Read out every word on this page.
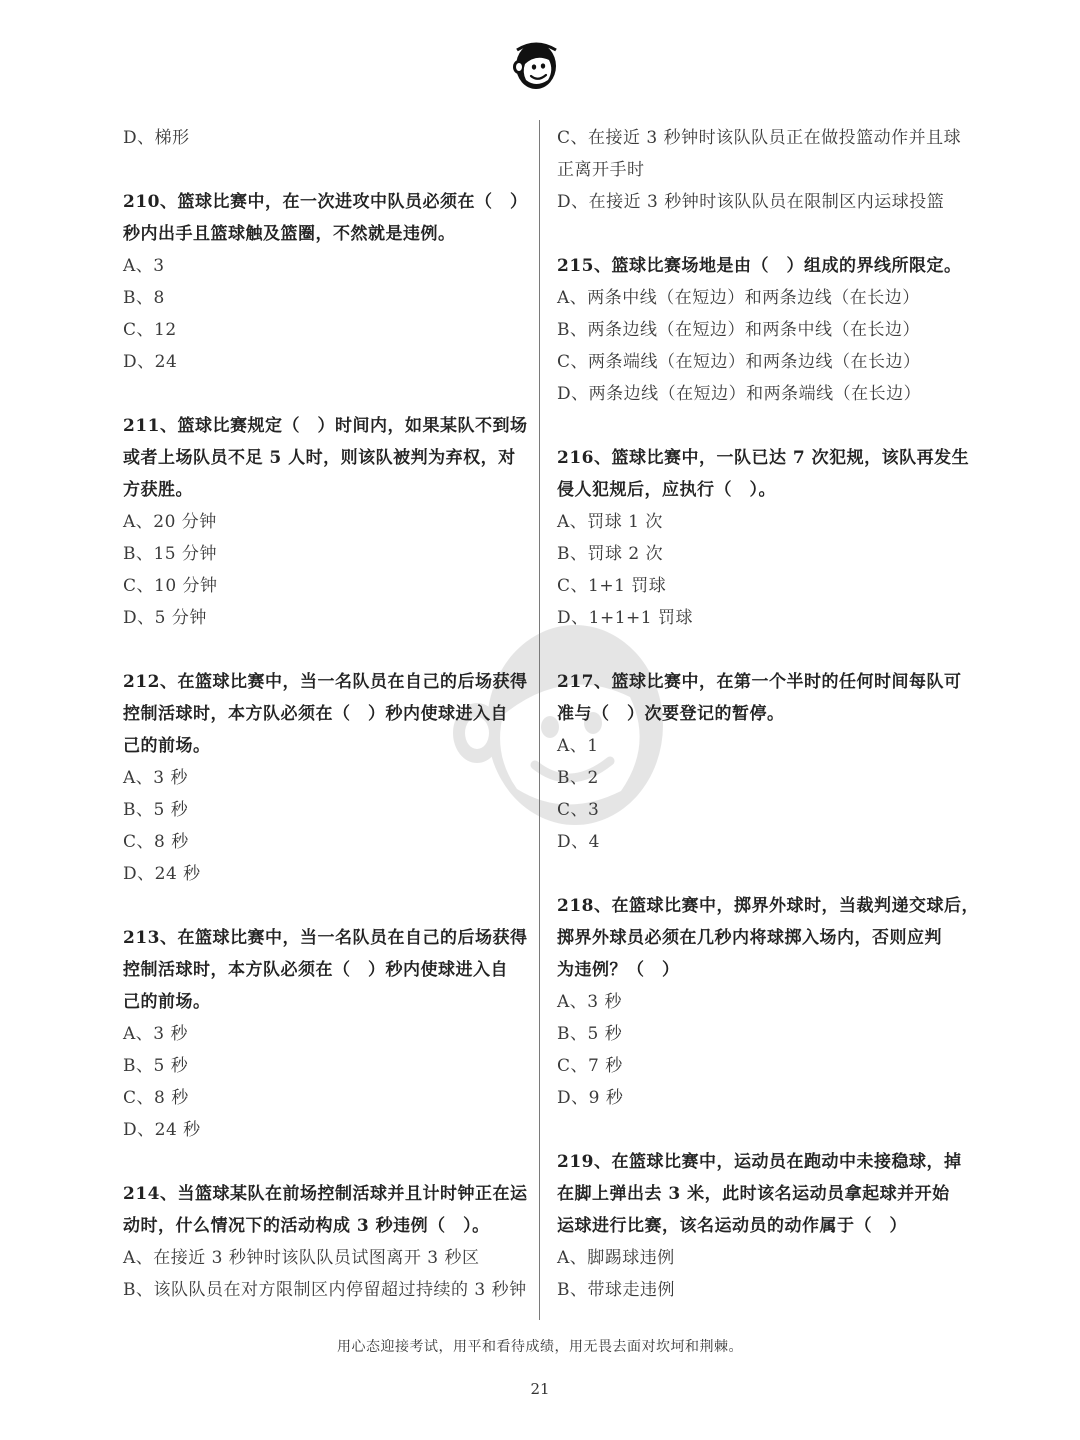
D、梯形
210、篮球比赛中，在一次进攻中队员必须在（　）
秒内出手且篮球触及篮圈，不然就是违例。
A、3
B、8
C、12
D、24
211、篮球比赛规定（　）时间内，如果某队不到场
或者上场队员不足 5 人时，则该队被判为弃权，对
方获胜。
A、20 分钟
B、15 分钟
C、10 分钟
D、5 分钟
212、在篮球比赛中，当一名队员在自己的后场获得
控制活球时，本方队必须在（　）秒内使球进入自
己的前场。
A、3 秒
B、5 秒
C、8 秒
D、24 秒
213、在篮球比赛中，当一名队员在自己的后场获得
控制活球时，本方队必须在（　）秒内使球进入自
己的前场。
A、3 秒
B、5 秒
C、8 秒
D、24 秒
214、当篮球某队在前场控制活球并且计时钟正在运
动时，什么情况下的活动构成 3 秒违例（　）。
A、在接近 3 秒钟时该队队员试图离开 3 秒区
B、该队队员在对方限制区内停留超过持续的 3 秒钟
C、在接近 3 秒钟时该队队员正在做投篮动作并且球
正离开手时
D、在接近 3 秒钟时该队队员在限制区内运球投篮
215、篮球比赛场地是由（　）组成的界线所限定。
A、两条中线（在短边）和两条边线（在长边）
B、两条边线（在短边）和两条中线（在长边）
C、两条端线（在短边）和两条边线（在长边）
D、两条边线（在短边）和两条端线（在长边）
216、篮球比赛中，一队已达 7 次犯规，该队再发生
侵人犯规后，应执行（　）。
A、罚球 1 次
B、罚球 2 次
C、1+1 罚球
D、1+1+1 罚球
217、篮球比赛中，在第一个半时的任何时间每队可
准与（　）次要登记的暂停。
A、1
B、2
C、3
D、4
218、在篮球比赛中，掷界外球时，当裁判递交球后，
掷界外球员必须在几秒内将球掷入场内，否则应判
为违例？（　）
A、3 秒
B、5 秒
C、7 秒
D、9 秒
219、在篮球比赛中，运动员在跑动中未接稳球，掉
在脚上弹出去 3 米，此时该名运动员拿起球并开始
运球进行比赛，该名运动员的动作属于（　）
A、脚踢球违例
B、带球走违例
用心态迎接考试，用平和看待成绩，用无畏去面对坎坷和荆棘。
21
